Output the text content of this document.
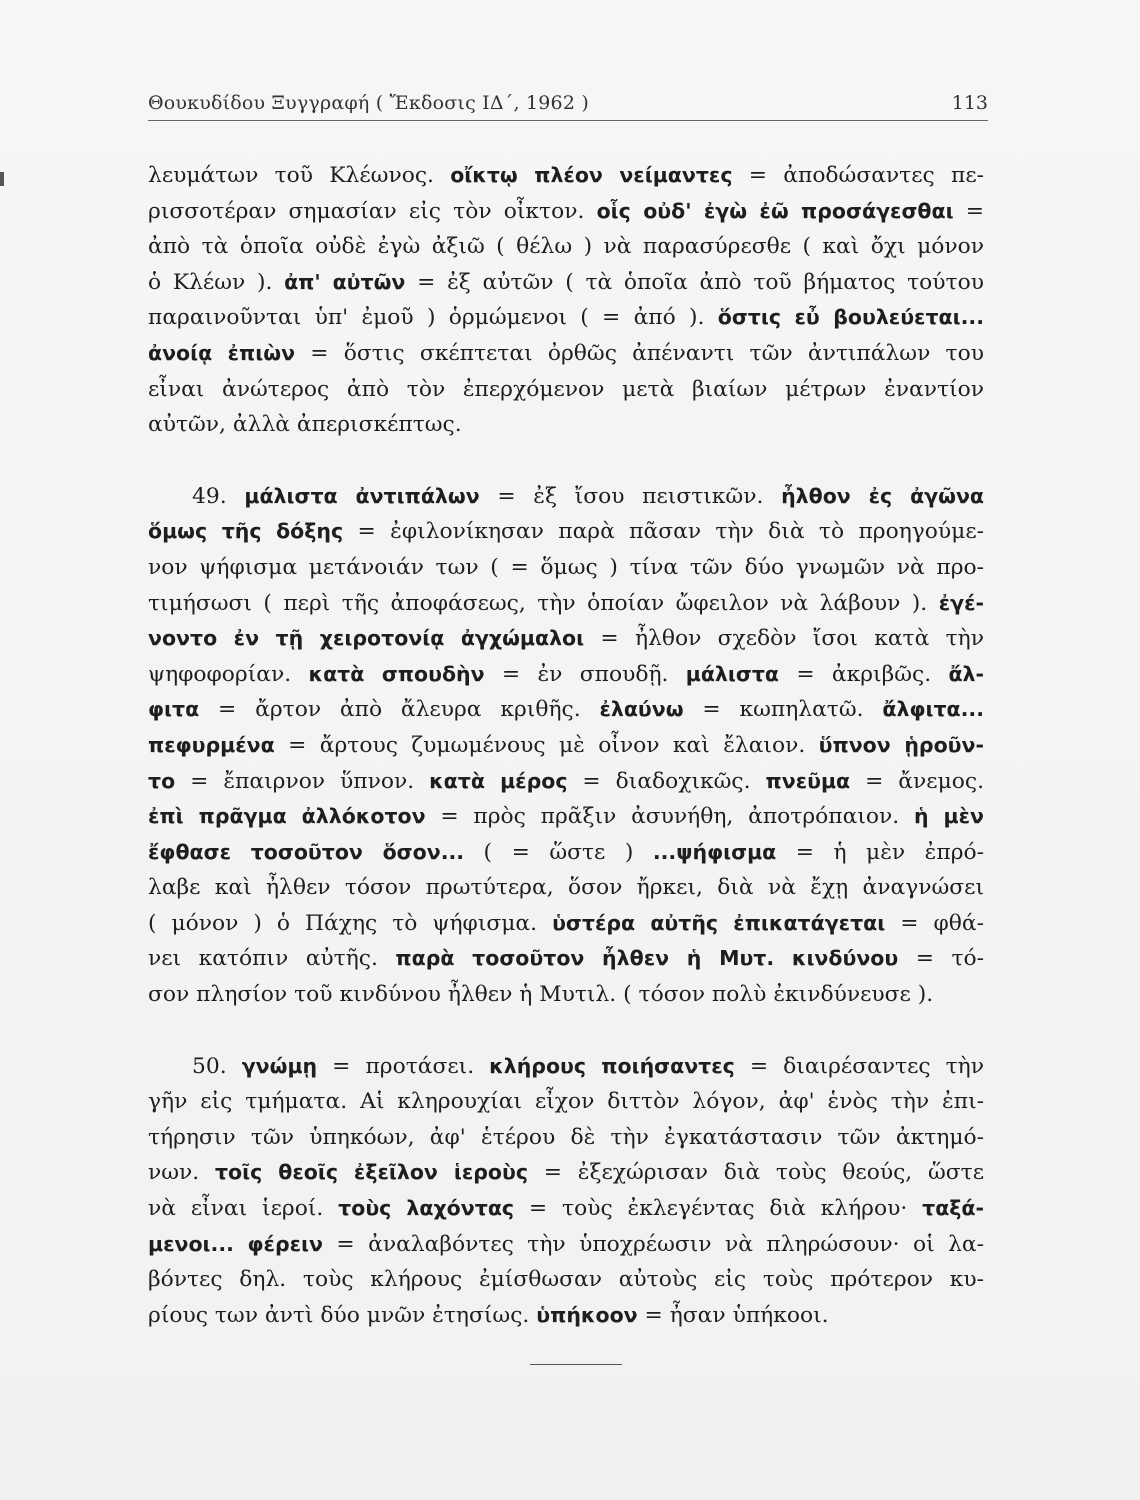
Θουκυδίδου Ξυγγραφή ( Ἔκδοσις ΙΔ΄, 1962 )	113

λευμάτων τοῦ Κλέωνος. οἴκτῳ πλέον νείμαντες = ἀποδώσαντες πε-
ρισσοτέραν σημασίαν εἰς τὸν οἶκτον. οἷς οὐδ' ἐγὼ ἐῶ προσάγεσθαι =
ἀπὸ τὰ ὁποῖα οὐδὲ ἐγὼ ἀξιῶ ( θέλω ) νὰ παρασύρεσθε ( καὶ ὄχι μόνον
ὁ Κλέων ). ἀπ' αὐτῶν = ἐξ αὐτῶν ( τὰ ὁποῖα ἀπὸ τοῦ βήματος τούτου
παραινοῦνται ὑπ' ἐμοῦ ) ὁρμώμενοι ( = ἀπό ). ὅστις εὖ βουλεύεται...
ἀνοίᾳ ἐπιὼν = ὅστις σκέπτεται ὀρθῶς ἀπέναντι τῶν ἀντιπάλων του
εἶναι ἀνώτερος ἀπὸ τὸν ἐπερχόμενον μετὰ βιαίων μέτρων ἐναντίον
αὐτῶν, ἀλλὰ ἀπερισκέπτως.

49. μάλιστα ἀντιπάλων = ἐξ ἴσου πειστικῶν. ἦλθον ἐς ἀγῶνα
ὅμως τῆς δόξης = ἐφιλονίκησαν παρὰ πᾶσαν τὴν διὰ τὸ προηγούμε-
νον ψήφισμα μετάνοιάν των ( = ὅμως ) τίνα τῶν δύο γνωμῶν νὰ προ-
τιμήσωσι ( περὶ τῆς ἀποφάσεως, τὴν ὁποίαν ὤφειλον νὰ λάβουν ). ἐγέ-
νοντο ἐν τῇ χειροτονίᾳ ἀγχώμαλοι = ἦλθον σχεδὸν ἴσοι κατὰ τὴν
ψηφοφορίαν. κατὰ σπουδὴν = ἐν σπουδῇ. μάλιστα = ἀκριβῶς. ἄλ-
φιτα = ἄρτον ἀπὸ ἄλευρα κριθῆς. ἐλαύνω = κωπηλατῶ. ἄλφιτα...
πεφυρμένα = ἄρτους ζυμωμένους μὲ οἶνον καὶ ἔλαιον. ὕπνον ᾑροῦν-
το = ἔπαιρνον ὕπνον. κατὰ μέρος = διαδοχικῶς. πνεῦμα = ἄνεμος.
ἐπὶ πρᾶγμα ἀλλόκοτον = πρὸς πρᾶξιν ἀσυνήθη, ἀποτρόπαιον. ἡ μὲν
ἔφθασε τοσοῦτον ὅσον... ( = ὥστε ) ...ψήφισμα = ἡ μὲν ἐπρό-
λαβε καὶ ἦλθεν τόσον πρωτύτερα, ὅσον ἤρκει, διὰ νὰ ἔχῃ ἀναγνώσει
( μόνον ) ὁ Πάχης τὸ ψήφισμα. ὑστέρα αὐτῆς ἐπικατάγεται = φθά-
νει κατόπιν αὐτῆς. παρὰ τοσοῦτον ἦλθεν ἡ Μυτ. κινδύνου = τό-
σον πλησίον τοῦ κινδύνου ἦλθεν ἡ Μυτιλ. ( τόσον πολὺ ἐκινδύνευσε ).

50. γνώμῃ = προτάσει. κλήρους ποιήσαντες = διαιρέσαντες τὴν
γῆν εἰς τμήματα. Αἱ κληρουχίαι εἶχον διττὸν λόγον, ἀφ' ἑνὸς τὴν ἐπι-
τήρησιν τῶν ὑπηκόων, ἀφ' ἑτέρου δὲ τὴν ἐγκατάστασιν τῶν ἀκτημό-
νων. τοῖς θεοῖς ἐξεῖλον ἱεροὺς = ἐξεχώρισαν διὰ τοὺς θεούς, ὥστε
νὰ εἶναι ἱεροί. τοὺς λαχόντας = τοὺς ἐκλεγέντας διὰ κλήρου· ταξά-
μενοι... φέρειν = ἀναλαβόντες τὴν ὑποχρέωσιν νὰ πληρώσουν· οἱ λα-
βόντες δηλ. τοὺς κλήρους ἐμίσθωσαν αὐτοὺς εἰς τοὺς πρότερον κυ-
ρίους των ἀντὶ δύο μνῶν ἐτησίως. ὑπήκοον = ἦσαν ὑπήκοοι.
